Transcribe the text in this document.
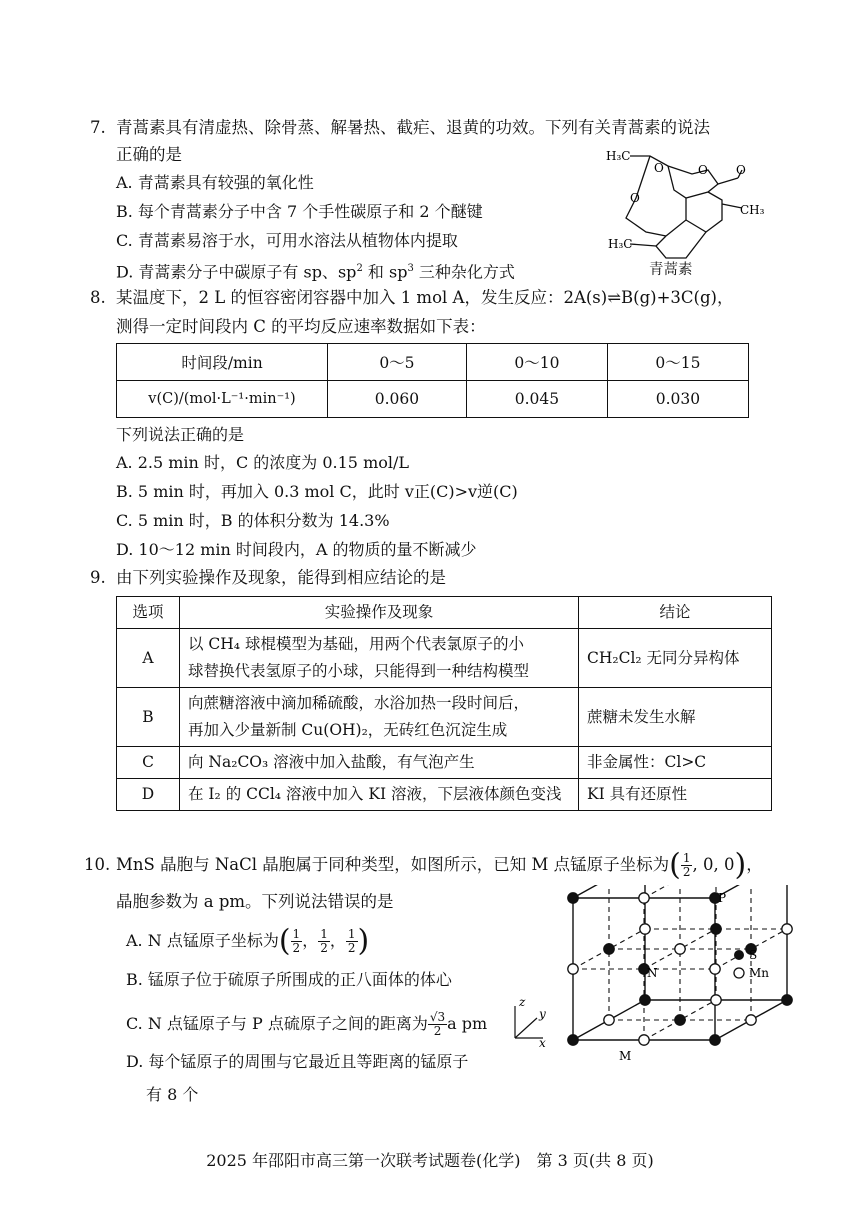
7. 青蒿素具有清虚热、除骨蒸、解暑热、截疟、退黄的功效。下列有关青蒿素的说法
正确的是
A. 青蒿素具有较强的氧化性
B. 每个青蒿素分子中含 7 个手性碳原子和 2 个醚键
C. 青蒿素易溶于水，可用水溶法从植物体内提取
D. 青蒿素分子中碳原子有 sp、$sp^2$ 和 $sp^3$ 三种杂化方式
H₃C
O	O O
O
CH₃
H₃C
青蒿素
8. 某温度下，2 L 的恒容密闭容器中加入 1 mol A，发生反应：2A(s)⇌B(g)+3C(g)，
测得一定时间段内 C 的平均反应速率数据如下表：
时间段/min	0～5	0～10	0～15
v(C)/(mol·L⁻¹·min⁻¹)	0.060	0.045	0.030
下列说法正确的是
A. 2.5 min 时，C 的浓度为 0.15 mol/L
B. 5 min 时，再加入 0.3 mol C，此时 v正(C)>v逆(C)
C. 5 min 时，B 的体积分数为 14.3%
D. 10～12 min 时间段内，A 的物质的量不断减少
9. 由下列实验操作及现象，能得到相应结论的是
选项	实验操作及现象	结论
A	以 CH₄ 球棍模型为基础，用两个代表氯原子的小
球替换代表氢原子的小球，只能得到一种结构模型	CH₂Cl₂ 无同分异构体
B	向蔗糖溶液中滴加稀硫酸，水浴加热一段时间后，
再加入少量新制 Cu(OH)₂，无砖红色沉淀生成	蔗糖未发生水解
C	向 Na₂CO₃ 溶液中加入盐酸，有气泡产生	非金属性：Cl>C
D	在 I₂ 的 CCl₄ 溶液中加入 KI 溶液，下层液体颜色变浅	KI 具有还原性
10. MnS 晶胞与 NaCl 晶胞属于同种类型，如图所示，已知 M 点锰原子坐标为( $\frac{1}{2}$ , 0, 0)，
晶胞参数为 a pm。下列说法错误的是
A. N 点锰原子坐标为( $\frac{1}{2}$ ， $\frac{1}{2}$ ， $\frac{1}{2}$ )
B. 锰原子位于硫原子所围成的正八面体的体心
C. N 点锰原子与 P 点硫原子之间的距离为 $\frac{√3}{2}$ a pm
D. 每个锰原子的周围与它最近且等距离的锰原子
有 8 个
P
N
M
S
Mn
z
x
y
2025 年邵阳市高三第一次联考试题卷(化学)　第 3 页(共 8 页)
